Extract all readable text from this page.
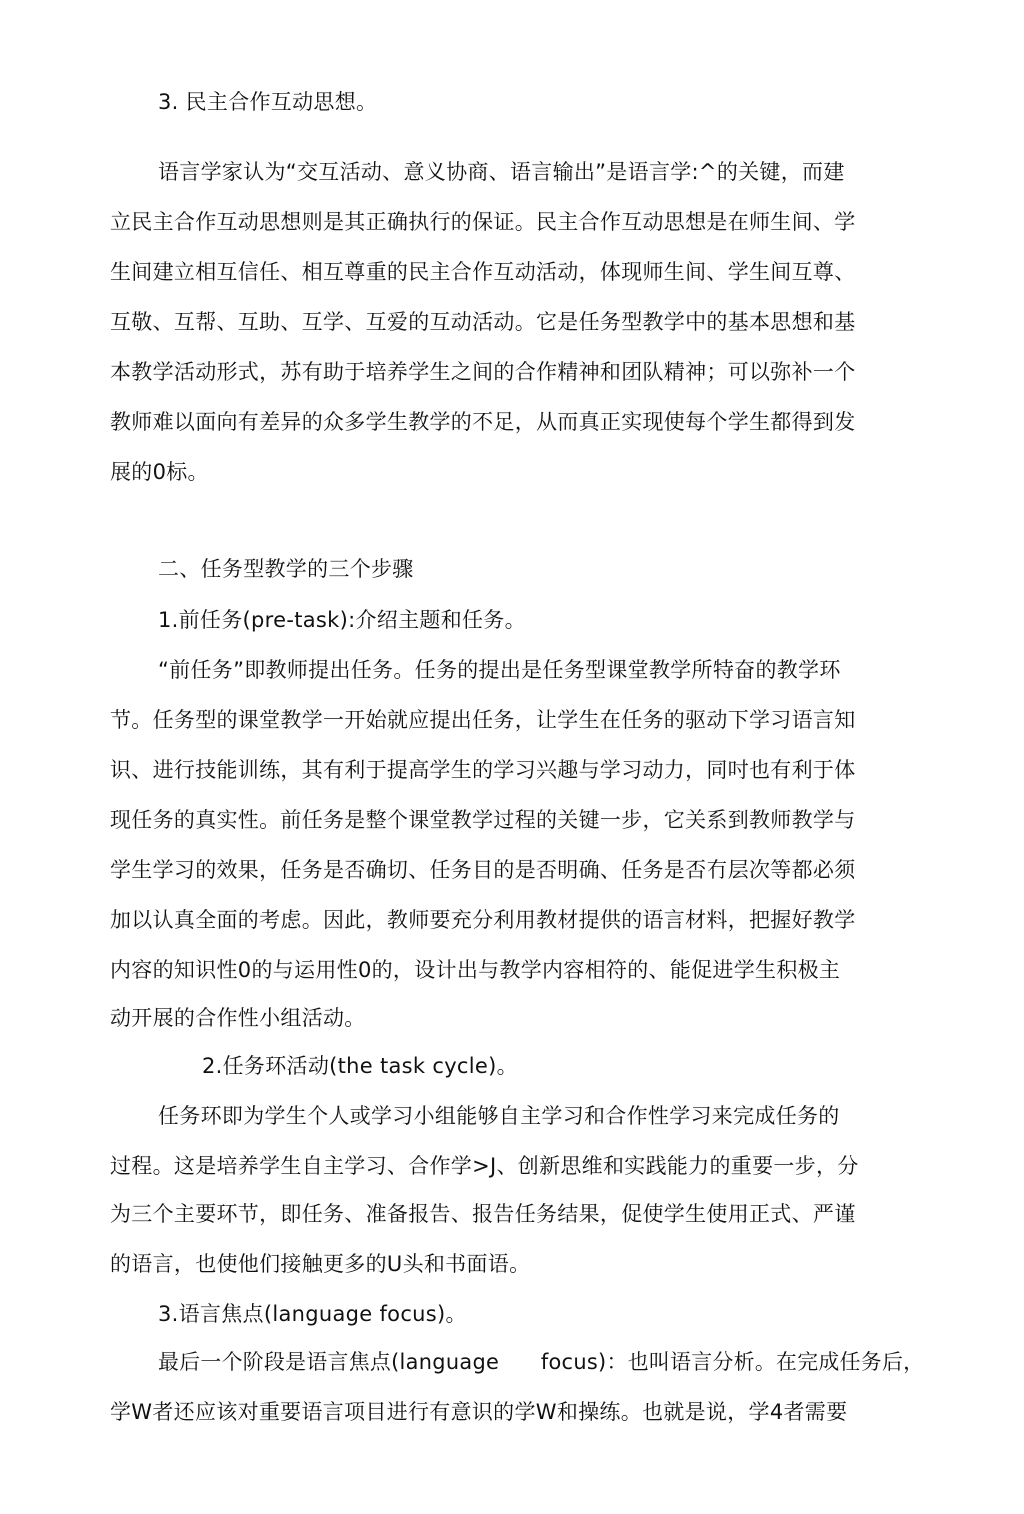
3. 民主合作互动思想。
语言学家认为“交互活动、意义协商、语言输出”是语言学:^的关键，而建
立民主合作互动思想则是其正确执行的保证。民主合作互动思想是在师生间、学
生间建立相互信任、相互尊重的民主合作互动活动，体现师生间、学生间互尊、
互敬、互帮、互助、互学、互爱的互动活动。它是任务型教学中的基本思想和基
本教学活动形式，苏有助于培养学生之间的合作精神和团队精神；可以弥补一个
教师难以面向有差异的众多学生教学的不足，从而真正实现使每个学生都得到发
展的0标。
二、任务型教学的三个步骤
1.前任务(pre-task):介绍主题和任务。
“前任务”即教师提出任务。任务的提出是任务型课堂教学所特奋的教学环
节。任务型的课堂教学一开始就应提出任务，让学生在任务的驱动下学习语言知
识、进行技能训练，其有利于提高学生的学习兴趣与学习动力，同吋也有利于体
现任务的真实性。前任务是整个课堂教学过程的关键一步，它关系到教师教学与
学生学习的效果，任务是否确切、任务目的是否明确、任务是否冇层次等都必须
加以认真全面的考虑。因此，教师要充分利用教材提供的语言材料，把握好教学
内容的知识性0的与运用性0的，设计出与教学内容相符的、能促进学生积极主
动开展的合作性小组活动。
2.任务环活动(the task cycle)。
任务环即为学生个人或学习小组能够自主学习和合作性学习来完成任务的
过程。这是培养学生自主学习、合作学>J、创新思维和实践能力的重要一步，分
为三个主要环节，即任务、准备报告、报告任务结果，促使学生使用正式、严谨
的语言，也使他们接触更多的U头和书面语。
3.语言焦点(language focus)。
最后一个阶段是语言焦点(language      focus)：也叫语言分析。在完成任务后，
学W者还应该对重要语言项目进行有意识的学W和操练。也就是说，学4者需要
